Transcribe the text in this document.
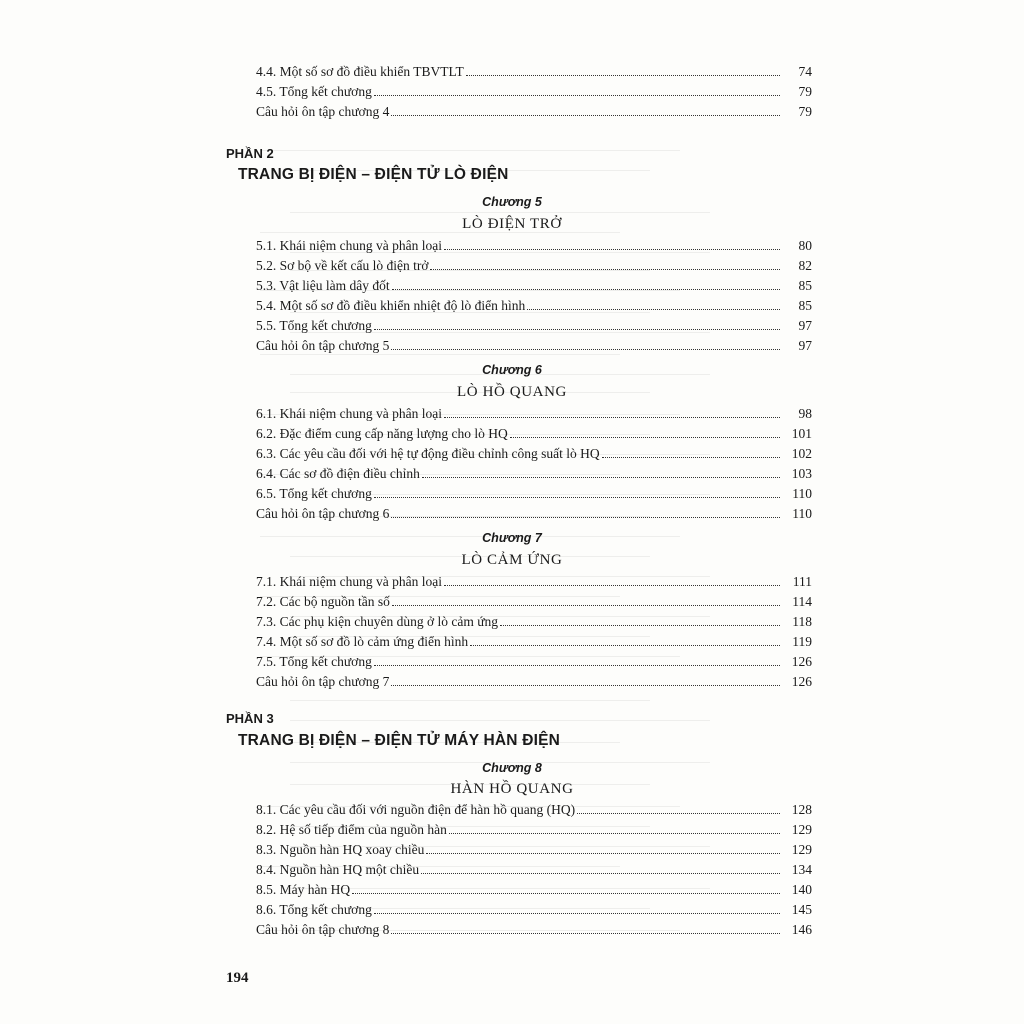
4.4. Một số sơ đồ điều khiển TBVTLT	74
4.5. Tổng kết chương	79
Câu hỏi ôn tập chương 4	79
PHẦN 2
TRANG BỊ ĐIỆN – ĐIỆN TỬ LÒ ĐIỆN
Chương 5
LÒ ĐIỆN TRỞ
5.1. Khái niệm chung và phân loại	80
5.2. Sơ bộ về kết cấu lò điện trở	82
5.3. Vật liệu làm dây đốt	85
5.4. Một số sơ đồ điều khiển nhiệt độ lò điển hình	85
5.5. Tổng kết chương	97
Câu hỏi ôn tập chương 5	97
Chương 6
LÒ HỒ QUANG
6.1. Khái niệm chung và phân loại	98
6.2. Đặc điểm cung cấp năng lượng cho lò HQ	101
6.3. Các yêu cầu đối với hệ tự động điều chỉnh công suất lò HQ	102
6.4. Các sơ đồ điện điều chỉnh	103
6.5. Tổng kết chương	110
Câu hỏi ôn tập chương 6	110
Chương 7
LÒ CẢM ỨNG
7.1. Khái niệm chung và phân loại	111
7.2. Các bộ nguồn tần số	114
7.3. Các phụ kiện chuyên dùng ở lò cảm ứng	118
7.4. Một số sơ đồ lò cảm ứng điển hình	119
7.5. Tổng kết chương	126
Câu hỏi ôn tập chương 7	126
PHẦN 3
TRANG BỊ ĐIỆN – ĐIỆN TỬ MÁY HÀN ĐIỆN
Chương 8
HÀN HỒ QUANG
8.1. Các yêu cầu đối với nguồn điện để hàn hồ quang (HQ)	128
8.2. Hệ số tiếp điểm của nguồn hàn	129
8.3. Nguồn hàn HQ xoay chiều	129
8.4. Nguồn hàn HQ một chiều	134
8.5. Máy hàn HQ	140
8.6. Tổng kết chương	145
Câu hỏi ôn tập chương 8	146
194
